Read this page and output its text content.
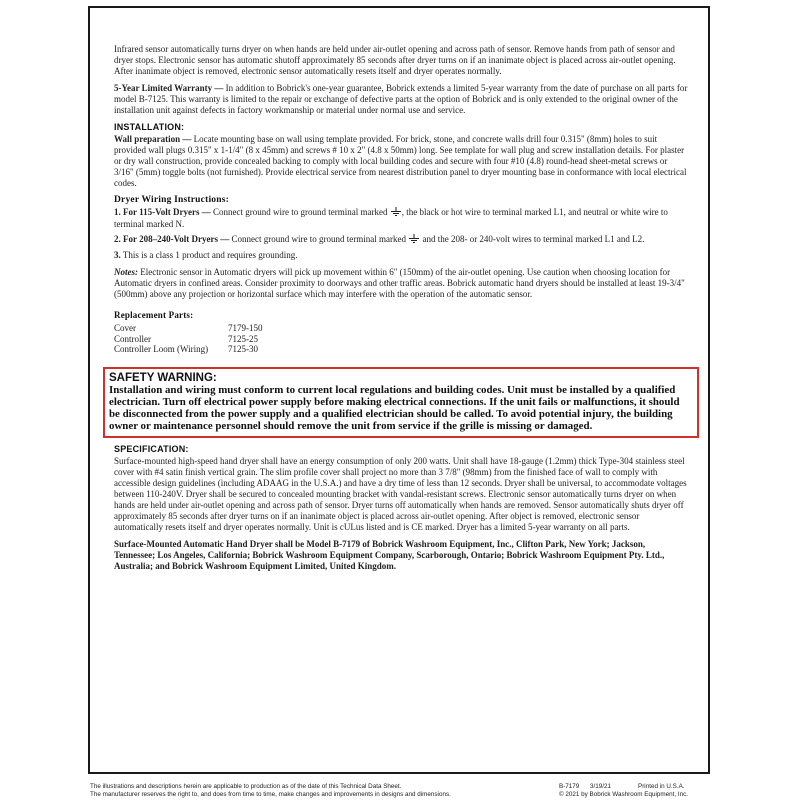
Infrared sensor automatically turns dryer on when hands are held under air-outlet opening and across path of sensor. Remove hands from path of sensor and dryer stops. Electronic sensor has automatic shutoff approximately 85 seconds after dryer turns on if an inanimate object is placed across air-outlet opening. After inanimate object is removed, electronic sensor automatically resets itself and dryer operates normally.

5-Year Limited Warranty — In addition to Bobrick's one-year guarantee, Bobrick extends a limited 5-year warranty from the date of purchase on all parts for model B-7125. This warranty is limited to the repair or exchange of defective parts at the option of Bobrick and is only extended to the original owner of the installation unit against defects in factory workmanship or material under normal use and service.

INSTALLATION:

Wall preparation — Locate mounting base on wall using template provided. For brick, stone, and concrete walls drill four 0.315" (8mm) holes to suit provided wall plugs 0.315" x 1-1/4" (8 x 45mm) and screws # 10 x 2" (4.8 x 50mm) long. See template for wall plug and screw installation details. For plaster or dry wall construction, provide concealed backing to comply with local building codes and secure with four #10 (4.8) round-head sheet-metal screws or 3/16" (5mm) toggle bolts (not furnished). Provide electrical service from nearest distribution panel to dryer mounting base in conformance with local electrical codes.

Dryer Wiring Instructions:

1. For 115-Volt Dryers — Connect ground wire to ground terminal marked , the black or hot wire to terminal marked L1, and neutral or white wire to terminal marked N.

2. For 208–240-Volt Dryers — Connect ground wire to ground terminal marked  and the 208- or 240-volt wires to terminal marked L1 and L2.

3. This is a class 1 product and requires grounding.

Notes: Electronic sensor in Automatic dryers will pick up movement within 6" (150mm) of the air-outlet opening. Use caution when choosing location for Automatic dryers in confined areas. Consider proximity to doorways and other traffic areas. Bobrick automatic hand dryers should be installed at least 19-3/4" (500mm) above any projection or horizontal surface which may interfere with the operation of the automatic sensor.

Replacement Parts:
Cover	7179-150
Controller	7125-25
Controller Loom (Wiring)	7125-30
SAFETY WARNING:
Installation and wiring must conform to current local regulations and building codes. Unit must be installed by a qualified electrician. Turn off electrical power supply before making electrical connections. If the unit fails or malfunctions, it should be disconnected from the power supply and a qualified electrician should be called. To avoid potential injury, the building owner or maintenance personnel should remove the unit from service if the grille is missing or damaged.
SPECIFICATION:

Surface-mounted high-speed hand dryer shall have an energy consumption of only 200 watts. Unit shall have 18-gauge (1.2mm) thick Type-304 stainless steel cover with #4 satin finish vertical grain. The slim profile cover shall project no more than 3 7/8" (98mm) from the finished face of wall to comply with accessible design guidelines (including ADAAG in the U.S.A.) and have a dry time of less than 12 seconds. Dryer shall be universal, to accommodate voltages between 110-240V. Dryer shall be secured to concealed mounting bracket with vandal-resistant screws. Electronic sensor automatically turns dryer on when hands are held under air-outlet opening and across path of sensor. Dryer turns off automatically when hands are removed. Sensor automatically shuts dryer off approximately 85 seconds after dryer turns on if an inanimate object is placed across air-outlet opening. After object is removed, electronic sensor automatically resets itself and dryer operates normally. Unit is cULus listed and is CE marked. Dryer has a limited 5-year warranty on all parts.

Surface-Mounted Automatic Hand Dryer shall be Model B-7179 of Bobrick Washroom Equipment, Inc., Clifton Park, New York; Jackson, Tennessee; Los Angeles, California; Bobrick Washroom Equipment Company, Scarborough, Ontario; Bobrick Washroom Equipment Pty. Ltd., Australia; and Bobrick Washroom Equipment Limited, United Kingdom.

The illustrations and descriptions herein are applicable to production as of the date of this Technical Data Sheet.
The manufacturer reserves the right to, and does from time to time, make changes and improvements in designs and dimensions.
B-7179	3/19/21	Printed in U.S.A.
© 2021 by Bobrick Washroom Equipment, Inc.
